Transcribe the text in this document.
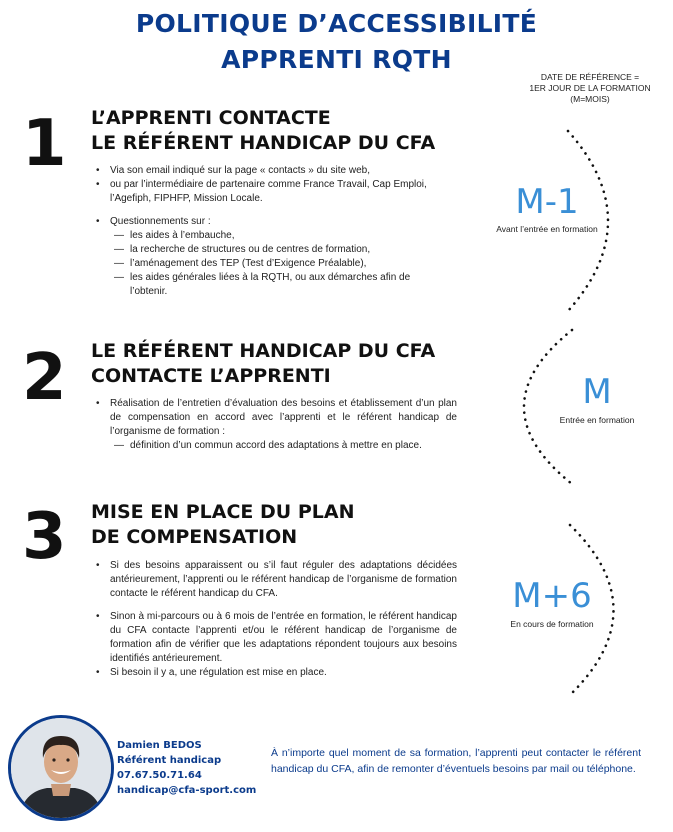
POLITIQUE D’ACCESSIBILITÉ
APPRENTI RQTH
DATE DE RÉFÉRENCE =
1ER JOUR DE LA FORMATION
(M=MOIS)
1 L’APPRENTI CONTACTE
LE RÉFÉRENT HANDICAP DU CFA
• Via son email indiqué sur la page « contacts » du site web,
• ou par l’intermédiaire de partenaire comme France Travail, Cap Emploi, l’Agefiph, FIPHFP, Mission Locale.
• Questionnements sur :
— les aides à l’embauche,
— la recherche de structures ou de centres de formation,
— l’aménagement des TEP (Test d’Exigence Préalable),
— les aides générales liées à la RQTH, ou aux démarches afin de l’obtenir.
2 LE RÉFÉRENT HANDICAP DU CFA
CONTACTE L’APPRENTI
• Réalisation de l’entretien d’évaluation des besoins et établissement d’un plan de compensation en accord avec l’apprenti et le référent handicap de l’organisme de formation :
— définition d’un commun accord des adaptations à mettre en place.
3 MISE EN PLACE DU PLAN
DE COMPENSATION
• Si des besoins apparaissent ou s’il faut réguler des adaptations décidées antérieurement, l’apprenti ou le référent handicap de l’organisme de formation contacte le référent handicap du CFA.
• Sinon à mi-parcours ou à 6 mois de l’entrée en formation, le référent handicap du CFA contacte l’apprenti et/ou le référent handicap de l’organisme de formation afin de vérifier que les adaptations répondent toujours aux besoins identifiés antérieurement.
• Si besoin il y a, une régulation est mise en place.
M-1
Avant l’entrée en formation
M
Entrée en formation
M+6
En cours de formation
Damien BEDOS
Référent handicap
07.67.50.71.64
handicap@cfa-sport.com
À n’importe quel moment de sa formation, l’apprenti peut contacter le référent handicap du CFA, afin de remonter d’éventuels besoins par mail ou téléphone.
